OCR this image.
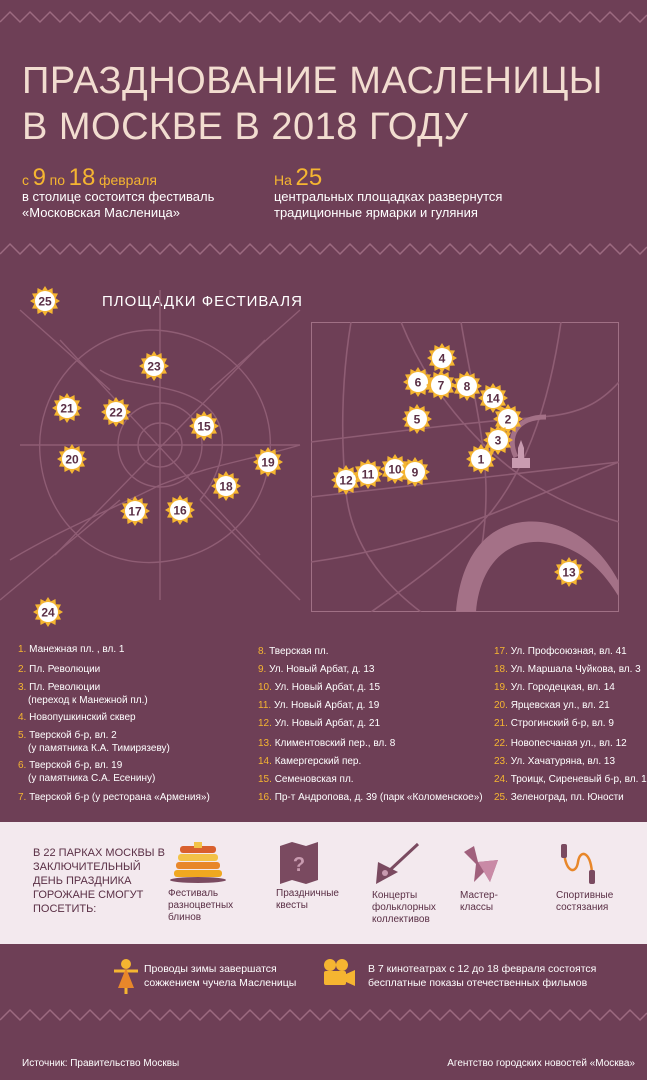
ПРАЗДНОВАНИЕ МАСЛЕНИЦЫ
В МОСКВЕ В 2018 ГОДУ
с 9 по 18 февраля
в столице состоится фестиваль
«Московская Масленица»
На 25
центральных площадках развернутся
традиционные ярмарки и гуляния
ПЛОЩАДКИ ФЕСТИВАЛЯ
25
23
21	22
15
20	19
18
17	16
24
4
6 7 8
5
14
2
3
1
12 11 10 9
13
1. Манежная пл. , вл. 1
2. Пл. Революции
3. Пл. Революции
(переход к Манежной пл.)
4. Новопушкинский сквер
5. Тверской б-р, вл. 2
(у памятника К.А. Тимирязеву)
6. Тверской б-р, вл. 19
(у памятника С.А. Есенину)
7. Тверской б-р (у ресторана «Армения»)
8. Тверская пл.
9. Ул. Новый Арбат, д. 13
10. Ул. Новый Арбат, д. 15
11. Ул. Новый Арбат, д. 19
12. Ул. Новый Арбат, д. 21
13. Климентовский пер., вл. 8
14. Камергерский пер.
15. Семеновская пл.
16. Пр-т Андропова, д. 39 (парк «Коломенское»)
17. Ул. Профсоюзная, вл. 41
18. Ул. Маршала Чуйкова, вл. 3
19. Ул. Городецкая, вл. 14
20. Ярцевская ул., вл. 21
21. Строгинский б-р, вл. 9
22. Новопесчаная ул., вл. 12
23. Ул. Хачатуряна, вл. 13
24. Троицк, Сиреневый б-р, вл. 1
25. Зеленоград, пл. Юности
В 22 ПАРКАХ МОСКВЫ В ЗАКЛЮЧИТЕЛЬНЫЙ ДЕНЬ ПРАЗДНИКА ГОРОЖАНЕ СМОГУТ ПОСЕТИТЬ:
Фестиваль
разноцветных
блинов
?
Праздничные
квесты
Концерты
фольклорных
коллективов
Мастер-
классы
Спортивные
состязания
Проводы зимы завершатся
сожжением чучела Масленицы
В 7 кинотеатрах с 12 до 18 февраля состоятся
бесплатные показы отечественных фильмов
Источник: Правительство Москвы	Агентство городских новостей «Москва»
